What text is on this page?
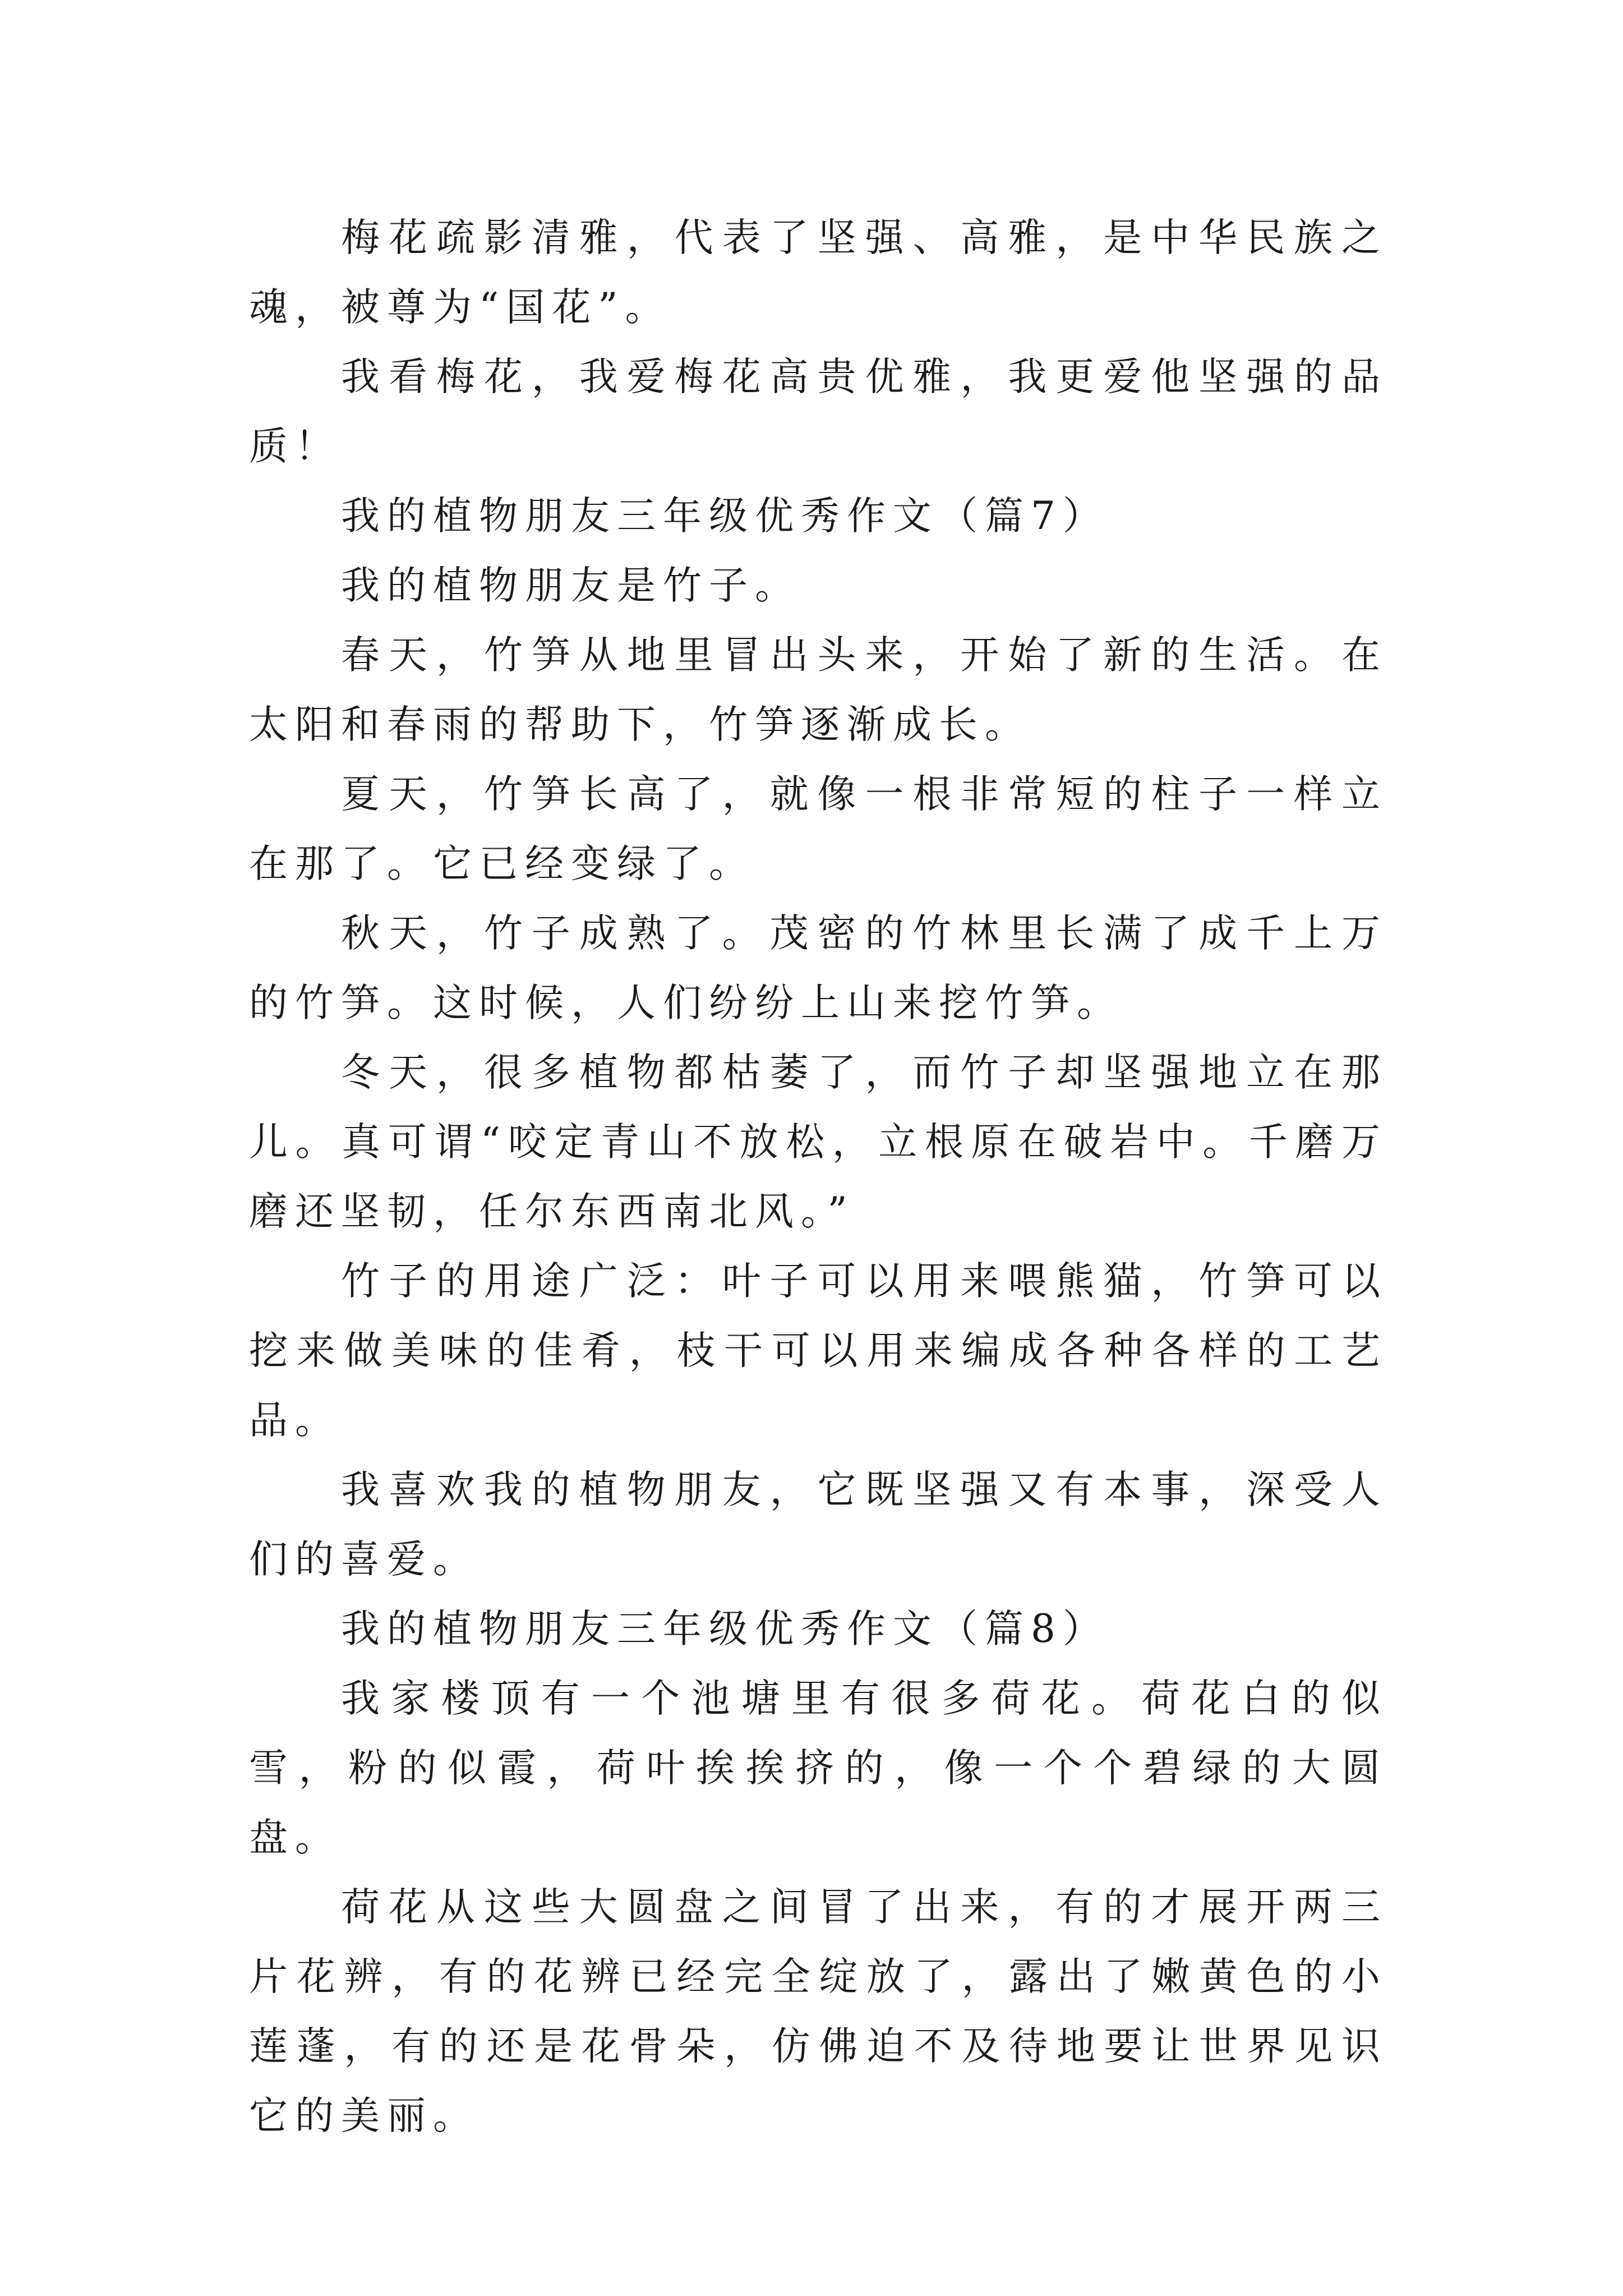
梅花疏影清雅，代表了坚强、高雅，是中华民族之魂，被尊为“国花”。

我看梅花，我爱梅花高贵优雅，我更爱他坚强的品质！

我的植物朋友三年级优秀作文（篇7）

我的植物朋友是竹子。

春天，竹笋从地里冒出头来，开始了新的生活。在太阳和春雨的帮助下，竹笋逐渐成长。

夏天，竹笋长高了，就像一根非常短的柱子一样立在那了。它已经变绿了。

秋天，竹子成熟了。茂密的竹林里长满了成千上万的竹笋。这时候，人们纷纷上山来挖竹笋。

冬天，很多植物都枯萎了，而竹子却坚强地立在那儿。真可谓“咬定青山不放松，立根原在破岩中。千磨万磨还坚韧，任尔东西南北风。”

竹子的用途广泛：叶子可以用来喂熊猫，竹笋可以挖来做美味的佳肴，枝干可以用来编成各种各样的工艺品。

我喜欢我的植物朋友，它既坚强又有本事，深受人们的喜爱。

我的植物朋友三年级优秀作文（篇8）

我家楼顶有一个池塘里有很多荷花。荷花白的似雪，粉的似霞，荷叶挨挨挤的，像一个个碧绿的大圆盘。

荷花从这些大圆盘之间冒了出来，有的才展开两三片花辨，有的花辨已经完全绽放了，露出了嫩黄色的小莲蓬，有的还是花骨朵，仿佛迫不及待地要让世界见识它的美丽。
